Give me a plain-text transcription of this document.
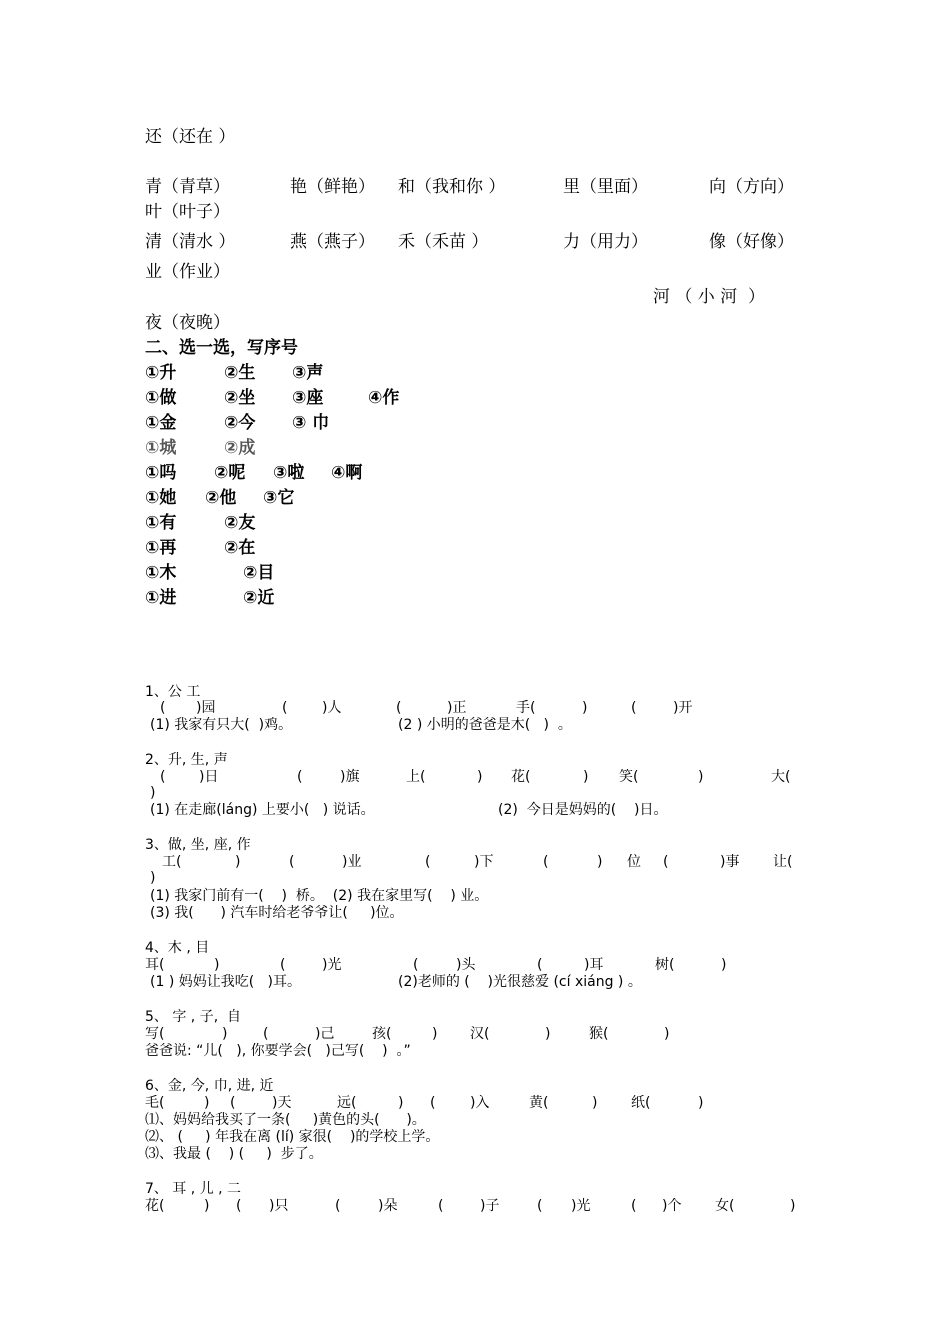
还（还在 ）
青（青草）	艳（鲜艳） 和（我和你 ）	里（里面）	向（方向）
叶（叶子）
清（清水 ）	燕（燕子） 禾（禾苗 ）	力（用力）	像（好像）
业（作业）
河 （ 小 河  ）
夜（夜晚）
二、选一选，写序号
①升	②生 ③声
①做	②坐 ③座	④作
①金	②今 ③ 巾
①城	②成
①吗 ②呢 ③啦 ④啊
①她 ②他 ③它
①有	②友
①再	②在
①木	②目
①进	②近
1、公 工
( )园	( )人	(	)正	手(	)	(	)开
(1) 我家有只大(  )鸡。	(2 ) 小明的爸爸是木(   )  。
2、升, 生, 声
( )日	(	)旗	上(	) 花(	) 笑(	)	大(
)
(1) 在走廊(láng) 上要小(   ) 说话。	(2)  今日是妈妈的(    )日。
3、做, 坐, 座, 作
工(	)	(	)业	(	)下	(	) 位 (	)事 让(
)
(1) 我家门前有一(    )  桥。  (2) 我在家里写(    ) 业。
(3) 我(      ) 汽车时给老爷爷让(     )位。
4、木 , 目
耳(	)	(	)光	(	)头	(	)耳	树(	)
(1 ) 妈妈让我吃(   )耳。	(2)老师的 (    )光很慈爱 (cí xiáng ) 。
5、 字 , 子,  自
写(	)	(	)己	孩(	) 汉(	)	猴(	)
爸爸说: “儿(   ), 你要学会(   )己写(    )  。”
6、金, 今, 巾, 进, 近
毛(	) (	)天	远(	) ( )入	黄(	) 纸(	)
⑴、妈妈给我买了一条(     )黄色的头(      )。
⑵、 (     ) 年我在离 (lí) 家很(    )的学校上学。
⑶、我最 (    ) (     )  步了。
7、 耳 , 儿 , 二
花(	) ( )只	(	)朵	(	)子	( )光	( )个 女(	)
